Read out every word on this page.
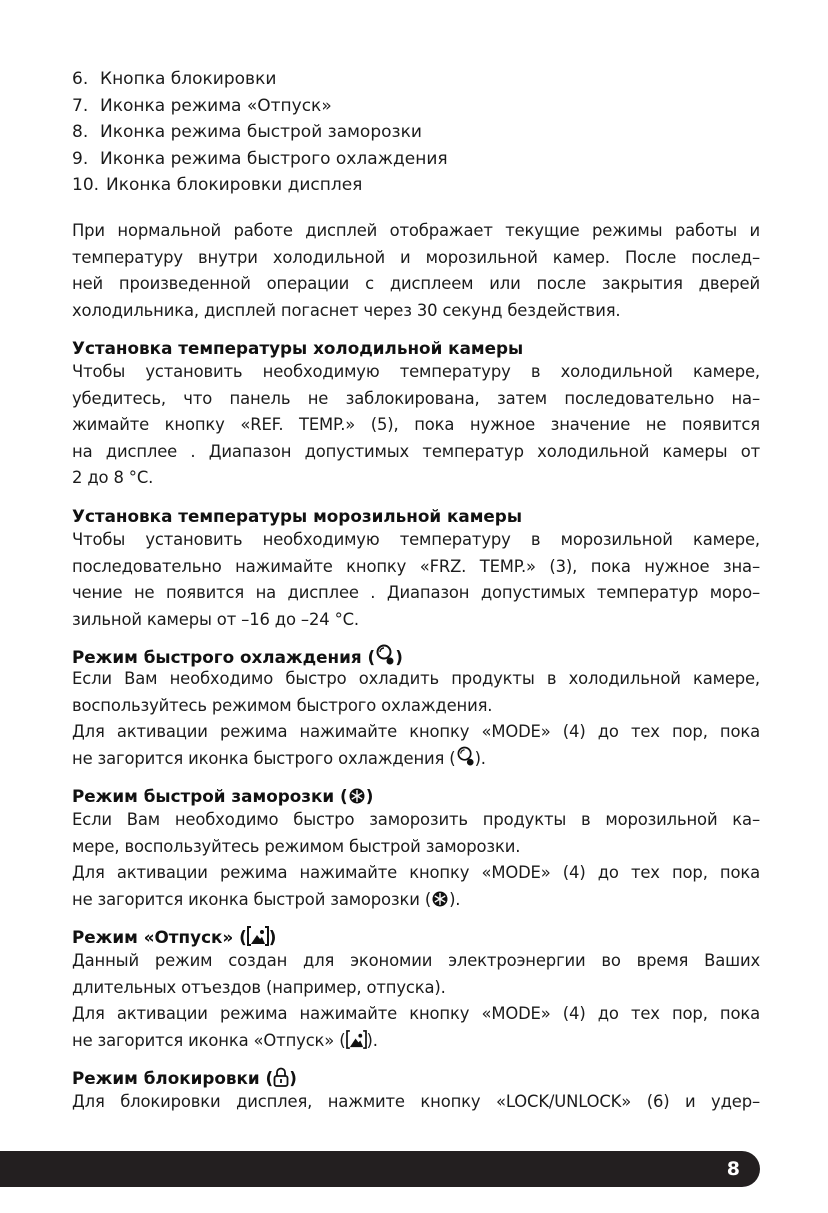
6. Кнопка блокировки
7. Иконка режима «Отпуск»
8. Иконка режима быстрой заморозки
9. Иконка режима быстрого охлаждения
10. Иконка блокировки дисплея
При нормальной работе дисплей отображает текущие режимы работы и
температуру внутри холодильной и морозильной камер. После послед–
ней произведенной операции с дисплеем или после закрытия дверей
холодильника, дисплей погаснет через 30 секунд бездействия.
Установка температуры холодильной камеры
Чтобы установить необходимую температуру в холодильной камере,
убедитесь, что панель не заблокирована, затем последовательно на–
жимайте кнопку «REF. TEMP.» (5), пока нужное значение не появится
на дисплее . Диапазон допустимых температур холодильной камеры от
2 до 8 °С.
Установка температуры морозильной камеры
Чтобы установить необходимую температуру в морозильной камере,
последовательно нажимайте кнопку «FRZ. TEMP.» (3), пока нужное зна–
чение не появится на дисплее . Диапазон допустимых температур моро–
зильной камеры от –16 до –24 °С.
Режим быстрого охлаждения ( )
Если Вам необходимо быстро охладить продукты в холодильной камере,
воспользуйтесь режимом быстрого охлаждения.
Для активации режима нажимайте кнопку «MODE» (4) до тех пор, пока
не загорится иконка быстрого охлаждения ( ).
Режим быстрой заморозки ( )
Если Вам необходимо быстро заморозить продукты в морозильной ка–
мере, воспользуйтесь режимом быстрой заморозки.
Для активации режима нажимайте кнопку «MODE» (4) до тех пор, пока
не загорится иконка быстрой заморозки ( ).
Режим «Отпуск» ( )
Данный режим создан для экономии электроэнергии во время Ваших
длительных отъездов (например, отпуска).
Для активации режима нажимайте кнопку «MODE» (4) до тех пор, пока
не загорится иконка «Отпуск» ( ).
Режим блокировки ( )
Для блокировки дисплея, нажмите кнопку «LOCK/UNLOCK» (6) и удер–
8
